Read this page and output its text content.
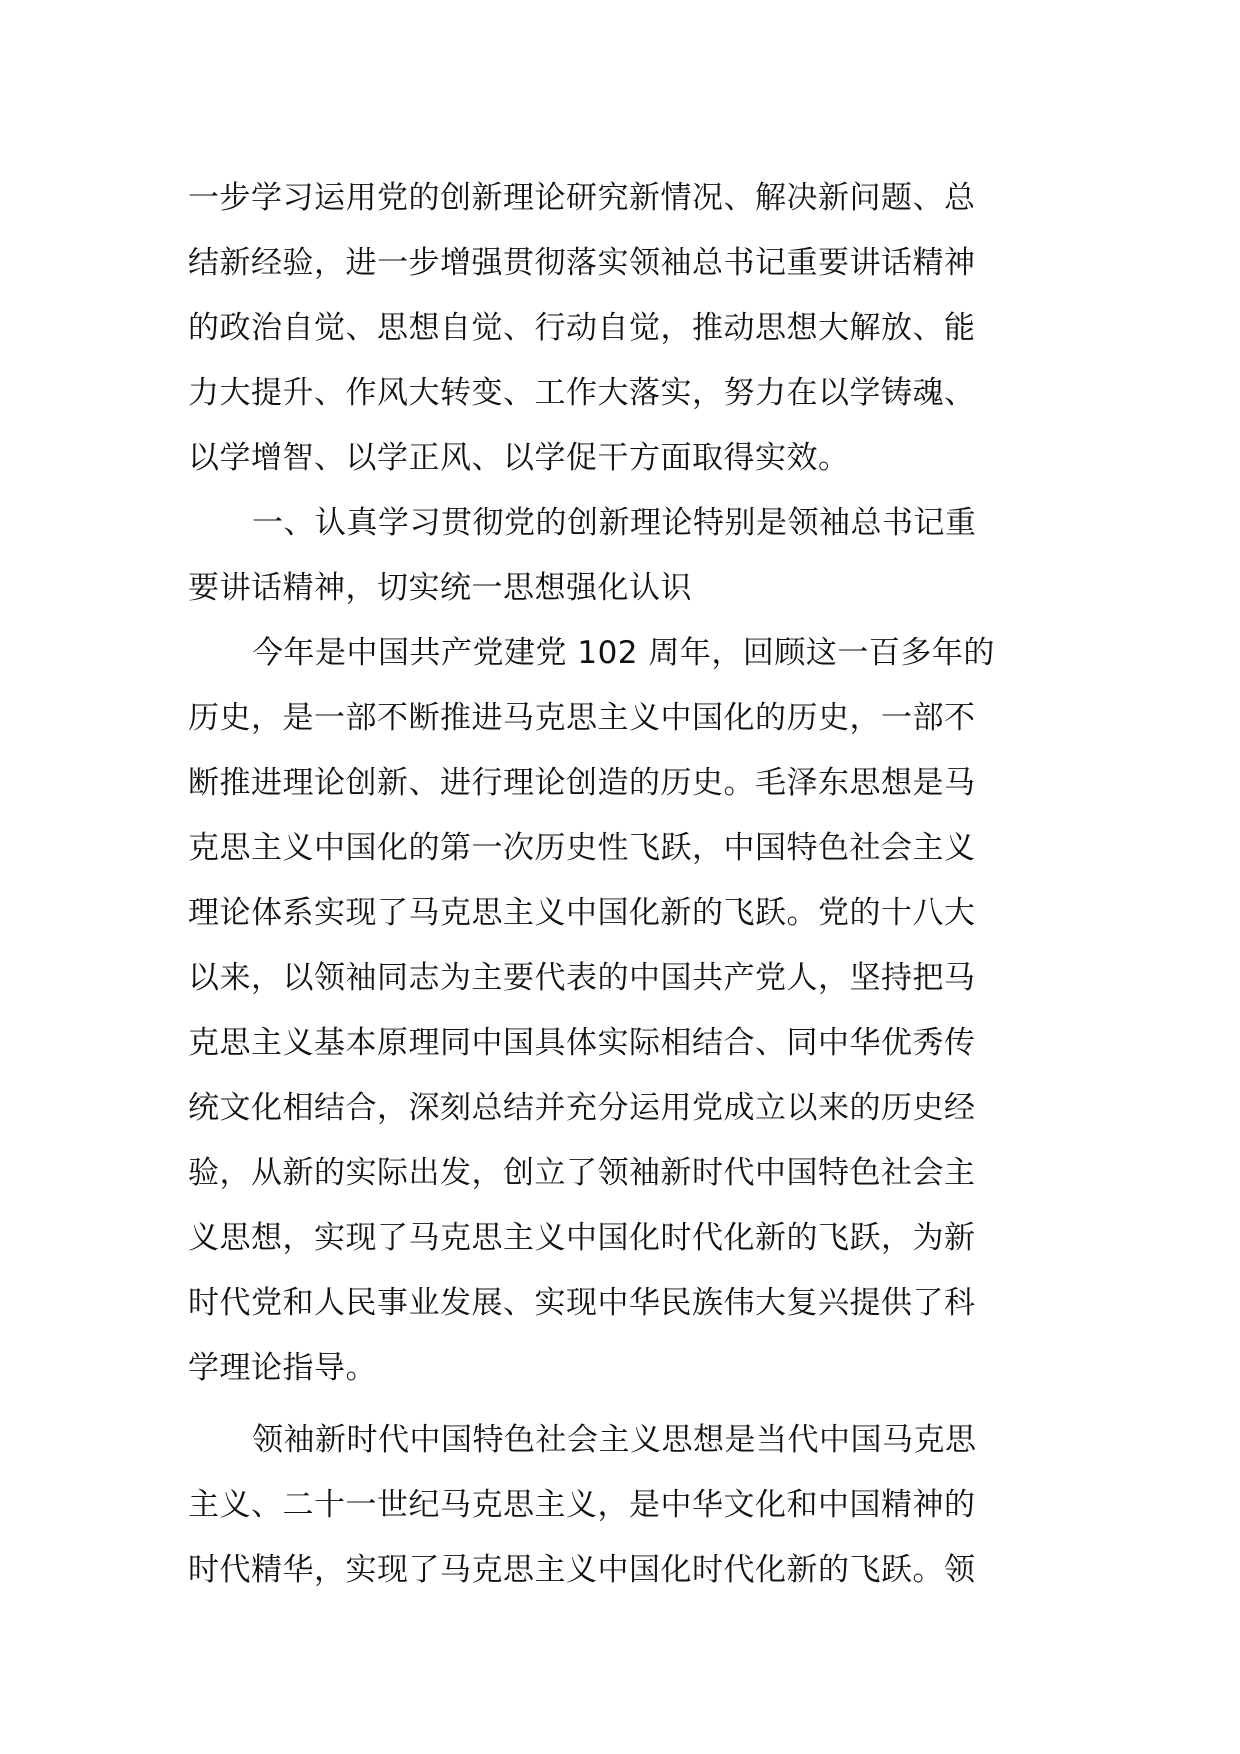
一步学习运用党的创新理论研究新情况、解决新问题、总
结新经验，进一步增强贯彻落实领袖总书记重要讲话精神
的政治自觉、思想自觉、行动自觉，推动思想大解放、能
力大提升、作风大转变、工作大落实，努力在以学铸魂、
以学增智、以学正风、以学促干方面取得实效。
一、认真学习贯彻党的创新理论特别是领袖总书记重
要讲话精神，切实统一思想强化认识
今年是中国共产党建党 102 周年，回顾这一百多年的
历史，是一部不断推进马克思主义中国化的历史，一部不
断推进理论创新、进行理论创造的历史。毛泽东思想是马
克思主义中国化的第一次历史性飞跃，中国特色社会主义
理论体系实现了马克思主义中国化新的飞跃。党的十八大
以来，以领袖同志为主要代表的中国共产党人，坚持把马
克思主义基本原理同中国具体实际相结合、同中华优秀传
统文化相结合，深刻总结并充分运用党成立以来的历史经
验，从新的实际出发，创立了领袖新时代中国特色社会主
义思想，实现了马克思主义中国化时代化新的飞跃，为新
时代党和人民事业发展、实现中华民族伟大复兴提供了科
学理论指导。
领袖新时代中国特色社会主义思想是当代中国马克思
主义、二十一世纪马克思主义，是中华文化和中国精神的
时代精华，实现了马克思主义中国化时代化新的飞跃。领
